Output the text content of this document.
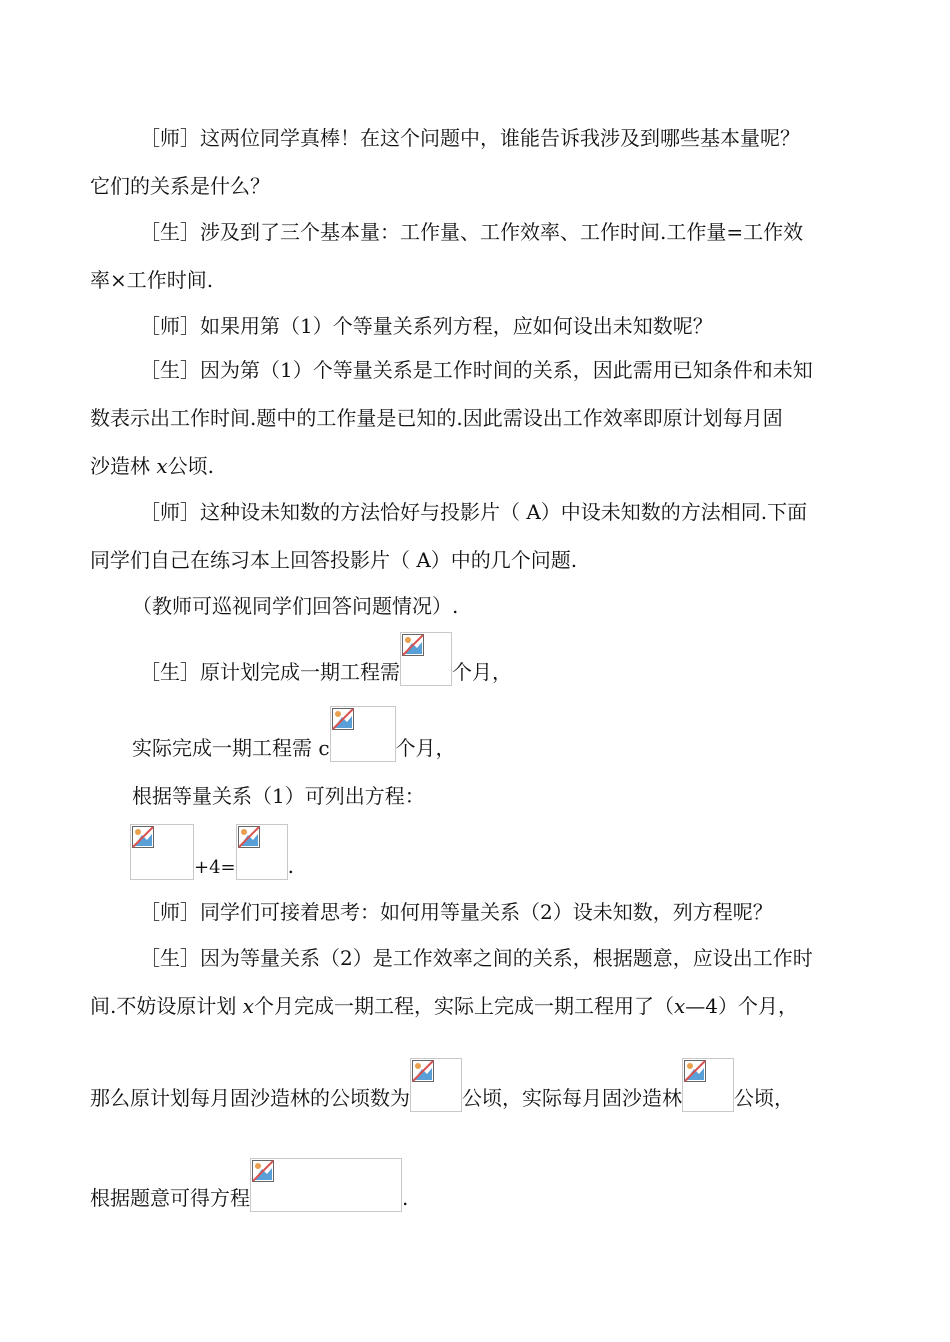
［师］这两位同学真棒！在这个问题中，谁能告诉我涉及到哪些基本量呢？
它们的关系是什么？
［生］涉及到了三个基本量：工作量、工作效率、工作时间.工作量=工作效
率×工作时间.
［师］如果用第（1）个等量关系列方程，应如何设出未知数呢？
［生］因为第（1）个等量关系是工作时间的关系，因此需用已知条件和未知
数表示出工作时间.题中的工作量是已知的.因此需设出工作效率即原计划每月固
沙造林 x公顷.
［师］这种设未知数的方法恰好与投影片（ A）中设未知数的方法相同.下面
同学们自己在练习本上回答投影片（ A）中的几个问题.
（教师可巡视同学们回答问题情况）.
［生］原计划完成一期工程需	个月，
实际完成一期工程需 c	个月，
根据等量关系（1）可列出方程：
+4=	.
［师］同学们可接着思考：如何用等量关系（2）设未知数，列方程呢？
［生］因为等量关系（2）是工作效率之间的关系，根据题意，应设出工作时
间.不妨设原计划 x个月完成一期工程，实际上完成一期工程用了（x—4）个月，
那么原计划每月固沙造林的公顷数为	公顷，实际每月固沙造林	公顷，
根据题意可得方程	.
